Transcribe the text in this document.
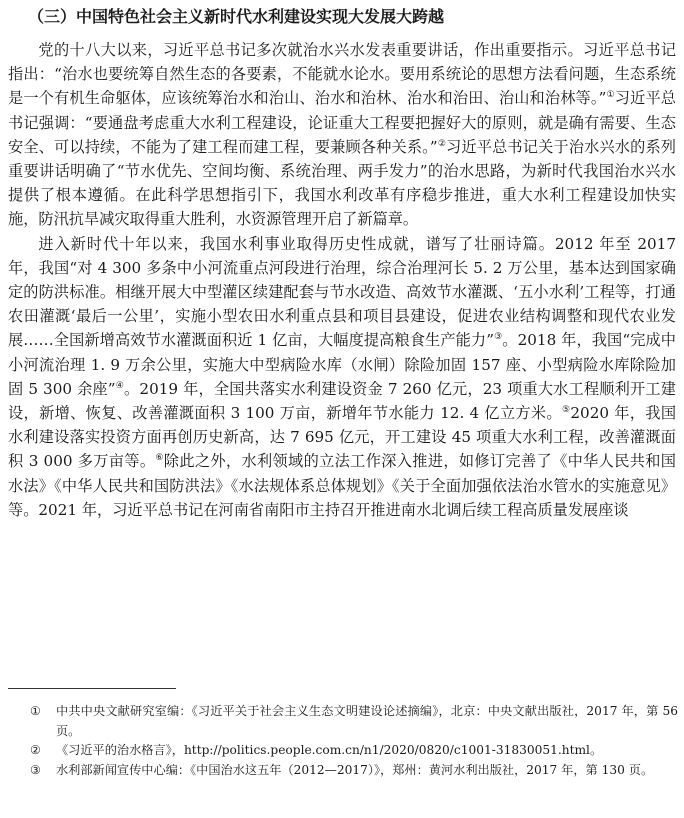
（三）中国特色社会主义新时代水利建设实现大发展大跨越

党的十八大以来，习近平总书记多次就治水兴水发表重要讲话，作出重要指示。习近平总书记指出：“治水也要统筹自然生态的各要素，不能就水论水。要用系统论的思想方法看问题，生态系统是一个有机生命躯体，应该统筹治水和治山、治水和治林、治水和治田、治山和治林等。”①习近平总书记强调：“要通盘考虑重大水利工程建设，论证重大工程要把握好大的原则，就是确有需要、生态安全、可以持续，不能为了建工程而建工程，要兼顾各种关系。”②习近平总书记关于治水兴水的系列重要讲话明确了“节水优先、空间均衡、系统治理、两手发力”的治水思路，为新时代我国治水兴水提供了根本遵循。在此科学思想指引下，我国水利改革有序稳步推进，重大水利工程建设加快实施，防汛抗旱减灾取得重大胜利，水资源管理开启了新篇章。

进入新时代十年以来，我国水利事业取得历史性成就，谱写了壮丽诗篇。2012 年至 2017 年，我国“对 4 300 多条中小河流重点河段进行治理，综合治理河长 5. 2 万公里，基本达到国家确定的防洪标准。相继开展大中型灌区续建配套与节水改造、高效节水灌溉、‘五小水利’工程等，打通农田灌溉‘最后一公里’，实施小型农田水利重点县和项目县建设，促进农业结构调整和现代农业发展……全国新增高效节水灌溉面积近 1 亿亩，大幅度提高粮食生产能力”③。2018 年，我国“完成中小河流治理 1. 9 万余公里，实施大中型病险水库（水闸）除险加固 157 座、小型病险水库除险加固 5 300 余座”④。2019 年，全国共落实水利建设资金 7 260 亿元，23 项重大水工程顺利开工建设，新增、恢复、改善灌溉面积 3 100 万亩，新增年节水能力 12. 4 亿立方米。⑤2020 年，我国水利建设落实投资方面再创历史新高，达 7 695 亿元，开工建设 45 项重大水利工程，改善灌溉面积 3 000 多万亩等。⑥除此之外，水利领域的立法工作深入推进，如修订完善了《中华人民共和国水法》《中华人民共和国防洪法》《水法规体系总体规划》《关于全面加强依法治水管水的实施意见》等。2021 年，习近平总书记在河南省南阳市主持召开推进南水北调后续工程高质量发展座谈

① 中共中央文献研究室编：《习近平关于社会主义生态文明建设论述摘编》，北京：中央文献出版社，2017 年，第 56 页。
② 《习近平的治水格言》，http://politics.people.com.cn/n1/2020/0820/c1001-31830051.html。
③ 水利部新闻宣传中心编：《中国治水这五年（2012—2017）》，郑州：黄河水利出版社，2017 年，第 130 页。
